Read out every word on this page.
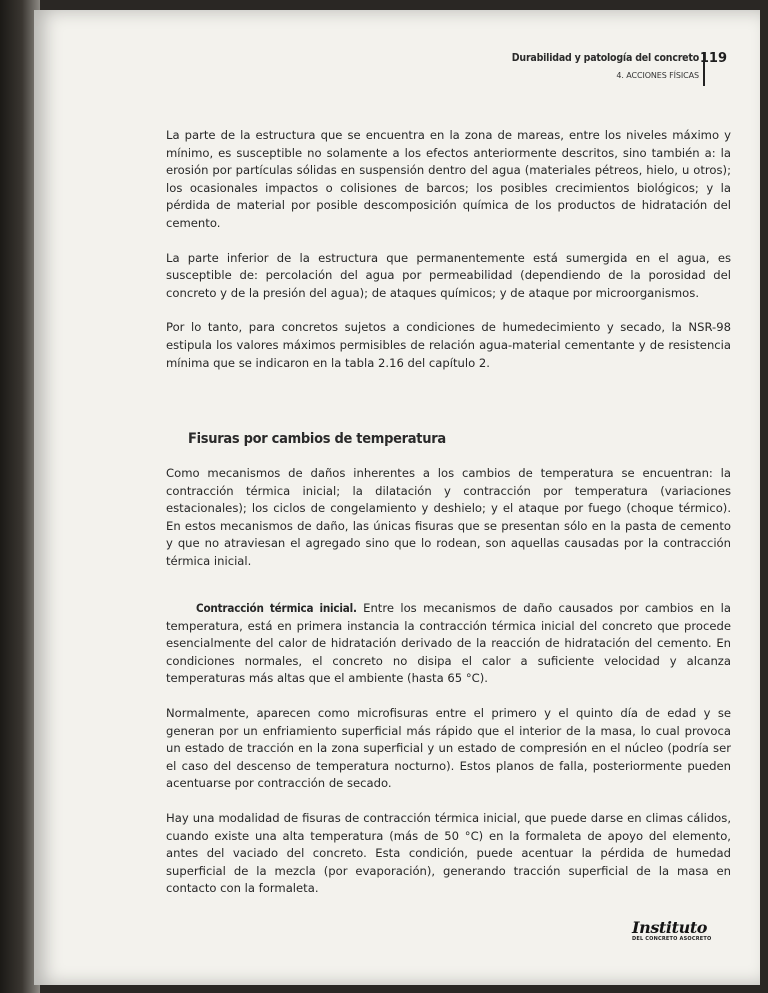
Durabilidad y patología del concreto
4. ACCIONES FÍSICAS
119

La parte de la estructura que se encuentra en la zona de mareas, entre los niveles máximo y mínimo, es susceptible no solamente a los efectos anteriormente descritos, sino también a: la erosión por partículas sólidas en suspensión dentro del agua (materiales pétreos, hielo, u otros); los ocasionales impactos o colisiones de barcos; los posibles crecimientos biológicos; y la pérdida de material por posible descomposición química de los productos de hidratación del cemento.

La parte inferior de la estructura que permanentemente está sumergida en el agua, es susceptible de: percolación del agua por permeabilidad (dependiendo de la porosidad del concreto y de la presión del agua); de ataques químicos; y de ataque por microorganismos.

Por lo tanto, para concretos sujetos a condiciones de humedecimiento y secado, la NSR-98 estipula los valores máximos permisibles de relación agua-material cementante y de resistencia mínima que se indicaron en la tabla 2.16 del capítulo 2.

Fisuras por cambios de temperatura

Como mecanismos de daños inherentes a los cambios de temperatura se encuentran: la contracción térmica inicial; la dilatación y contracción por temperatura (variaciones estacionales); los ciclos de congelamiento y deshielo; y el ataque por fuego (choque térmico). En estos mecanismos de daño, las únicas fisuras que se presentan sólo en la pasta de cemento y que no atraviesan el agregado sino que lo rodean, son aquellas causadas por la contracción térmica inicial.

Contracción térmica inicial. Entre los mecanismos de daño causados por cambios en la temperatura, está en primera instancia la contracción térmica inicial del concreto que procede esencialmente del calor de hidratación derivado de la reacción de hidratación del cemento. En condiciones normales, el concreto no disipa el calor a suficiente velocidad y alcanza temperaturas más altas que el ambiente (hasta 65 °C).

Normalmente, aparecen como microfisuras entre el primero y el quinto día de edad y se generan por un enfriamiento superficial más rápido que el interior de la masa, lo cual provoca un estado de tracción en la zona superficial y un estado de compresión en el núcleo (podría ser el caso del descenso de temperatura nocturno). Estos planos de falla, posteriormente pueden acentuarse por contracción de secado.

Hay una modalidad de fisuras de contracción térmica inicial, que puede darse en climas cálidos, cuando existe una alta temperatura (más de 50 °C) en la formaleta de apoyo del elemento, antes del vaciado del concreto. Esta condición, puede acentuar la pérdida de humedad superficial de la mezcla (por evaporación), generando tracción superficial de la masa en contacto con la formaleta.

Instituto
DEL CONCRETO ASOCRETO
